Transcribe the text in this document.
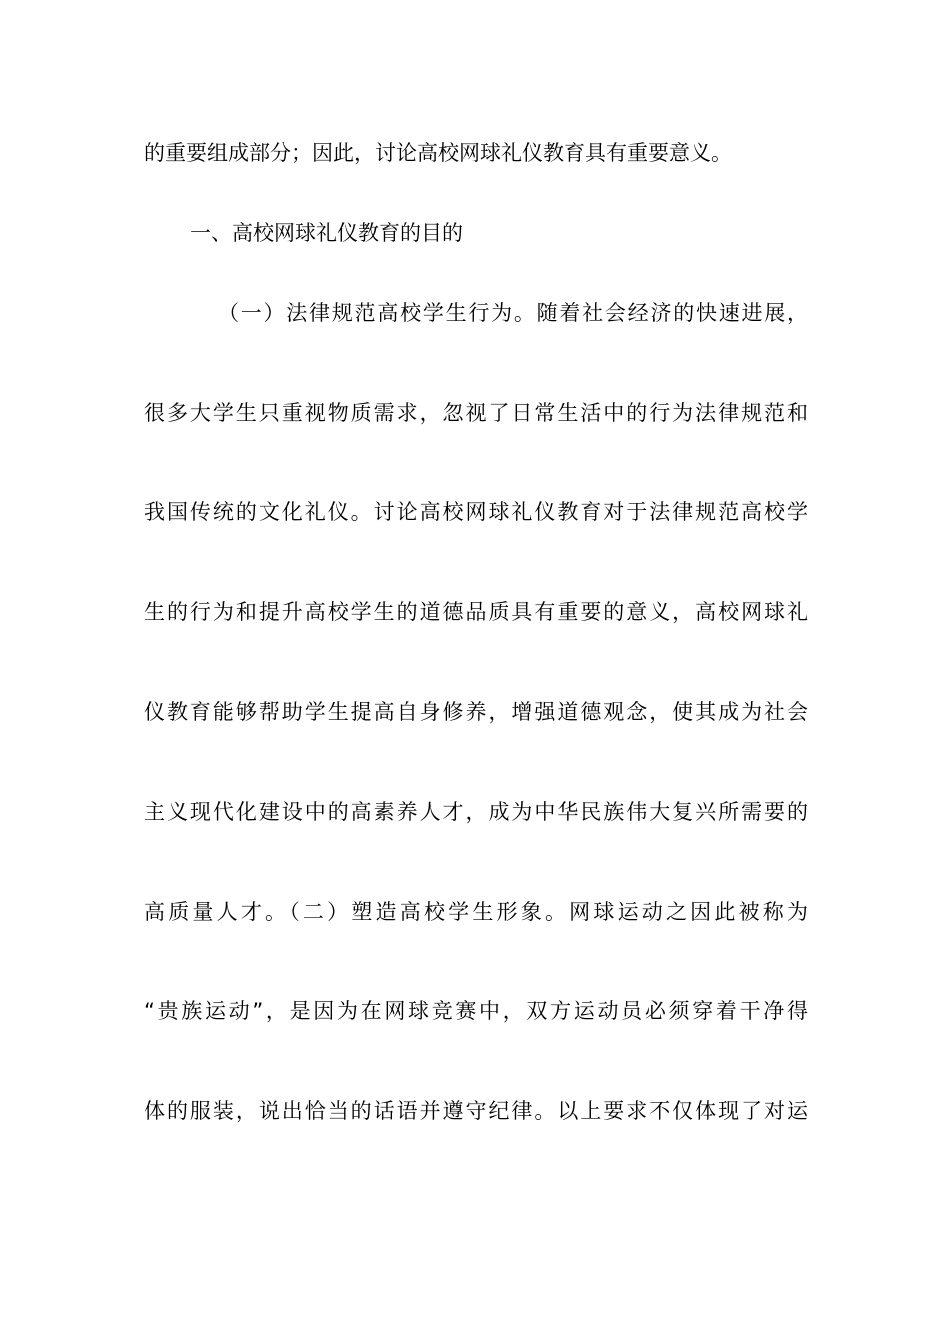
的重要组成部分；因此，讨论高校网球礼仪教育具有重要意义。
一、高校网球礼仪教育的目的
（一）法律规范高校学生行为。随着社会经济的快速进展，
很多大学生只重视物质需求，忽视了日常生活中的行为法律规范和
我国传统的文化礼仪。讨论高校网球礼仪教育对于法律规范高校学
生的行为和提升高校学生的道德品质具有重要的意义，高校网球礼
仪教育能够帮助学生提高自身修养，增强道德观念，使其成为社会
主义现代化建设中的高素养人才，成为中华民族伟大复兴所需要的
高质量人才。（二）塑造高校学生形象。网球运动之因此被称为
“贵族运动”，是因为在网球竞赛中，双方运动员必须穿着干净得
体的服装，说出恰当的话语并遵守纪律。以上要求不仅体现了对运
